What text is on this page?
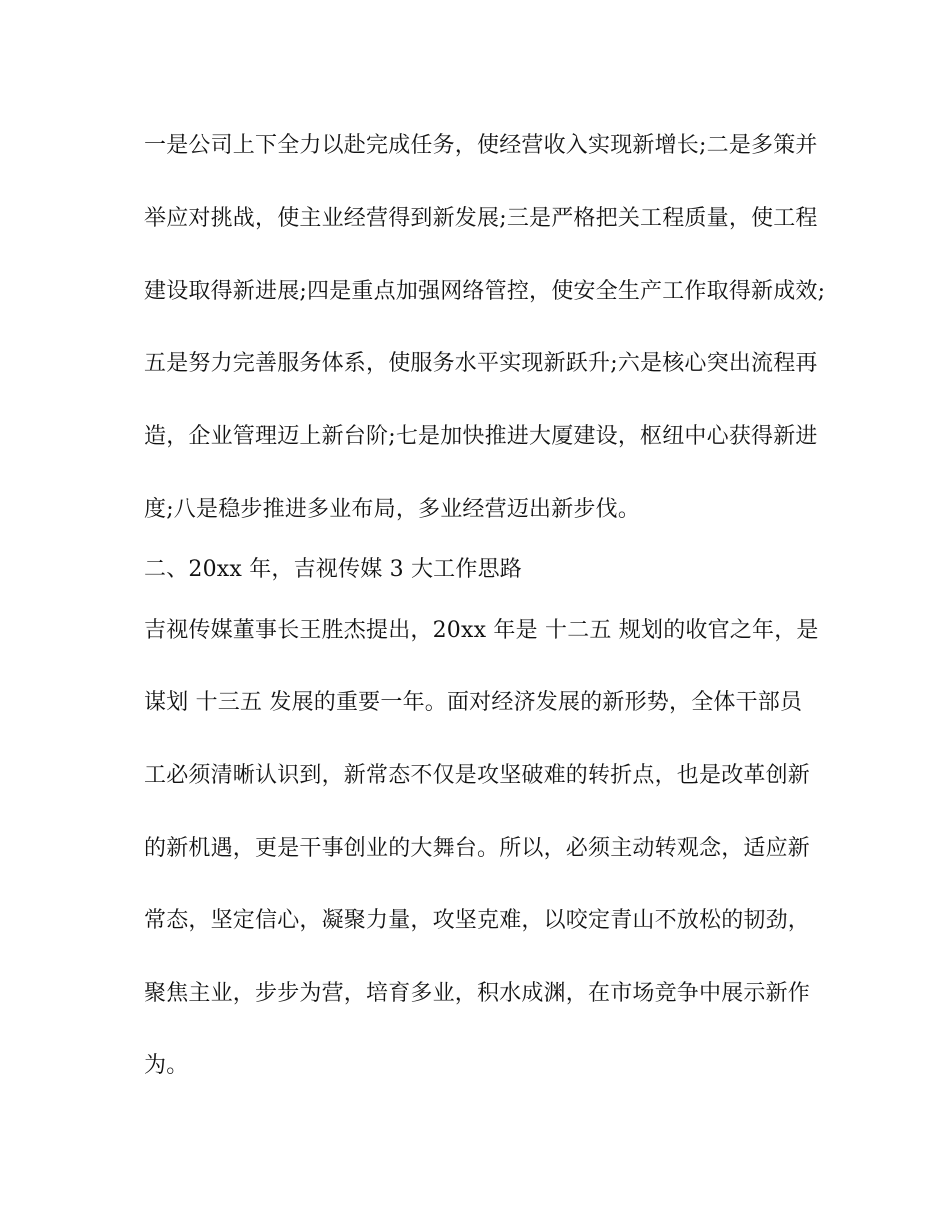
一是公司上下全力以赴完成任务，使经营收入实现新增长;二是多策并
举应对挑战，使主业经营得到新发展;三是严格把关工程质量，使工程
建设取得新进展;四是重点加强网络管控，使安全生产工作取得新成效;
五是努力完善服务体系，使服务水平实现新跃升;六是核心突出流程再
造，企业管理迈上新台阶;七是加快推进大厦建设，枢纽中心获得新进
度;八是稳步推进多业布局，多业经营迈出新步伐。
二、20xx 年，吉视传媒 3 大工作思路
吉视传媒董事长王胜杰提出，20xx 年是 十二五 规划的收官之年，是
谋划 十三五 发展的重要一年。面对经济发展的新形势，全体干部员
工必须清晰认识到，新常态不仅是攻坚破难的转折点，也是改革创新
的新机遇，更是干事创业的大舞台。所以，必须主动转观念，适应新
常态，坚定信心，凝聚力量，攻坚克难，以咬定青山不放松的韧劲，
聚焦主业，步步为营，培育多业，积水成渊，在市场竞争中展示新作
为。
